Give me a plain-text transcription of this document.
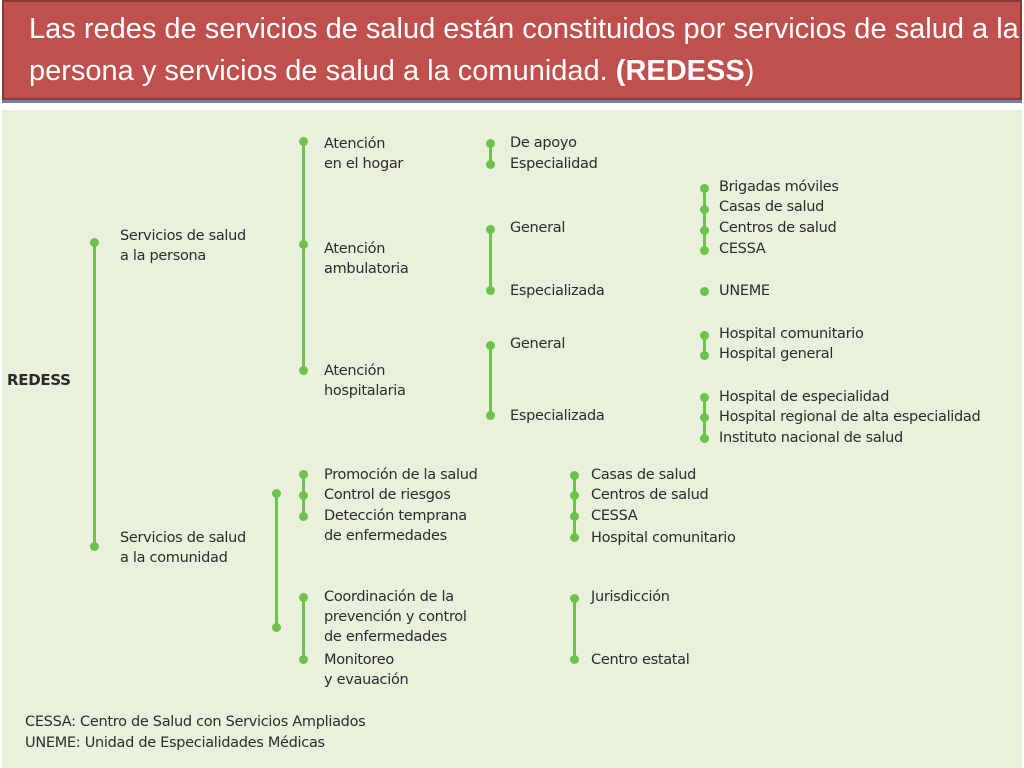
Las redes de servicios de salud están constituidos por servicios de salud a la persona y servicios de salud a la comunidad. (REDESS)
REDESS
Servicios de salud
a la persona
Servicios de salud
a la comunidad
Atención
en el hogar
Atención
ambulatoria
Atención
hospitalaria
De apoyo
Especialidad
General
Especializada
Brigadas móviles
Casas de salud
Centros de salud
CESSA
UNEME
General
Especializada
Hospital comunitario
Hospital general
Hospital de especialidad
Hospital regional de alta especialidad
Instituto nacional de salud
Promoción de la salud
Control de riesgos
Detección temprana
de enfermedades
Casas de salud
Centros de salud
CESSA
Hospital comunitario
Coordinación de la
prevención y control
de enfermedades
Monitoreo
y evauación
Jurisdicción
Centro estatal
CESSA: Centro de Salud con Servicios Ampliados
UNEME: Unidad de Especialidades Médicas
